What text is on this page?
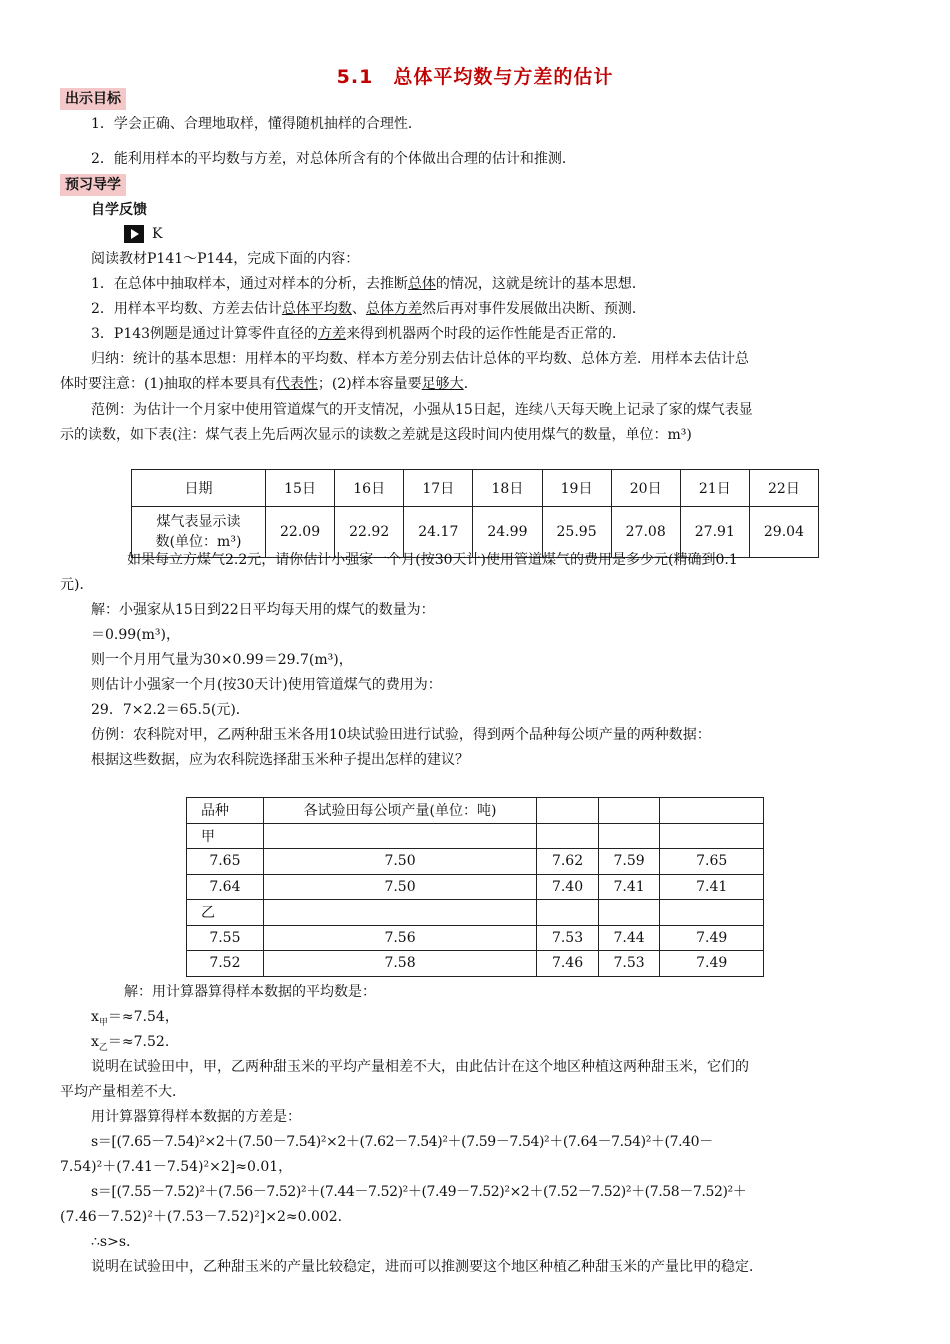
5.1　总体平均数与方差的估计
出示目标
1．学会正确、合理地取样，懂得随机抽样的合理性．
2．能利用样本的平均数与方差，对总体所含有的个体做出合理的估计和推测．
预习导学
自学反馈
K
阅读教材P141～P144，完成下面的内容：
1．在总体中抽取样本，通过对样本的分析，去推断总体的情况，这就是统计的基本思想．
2．用样本平均数、方差去估计总体平均数、总体方差然后再对事件发展做出决断、预测．
3．P143例题是通过计算零件直径的方差来得到机器两个时段的运作性能是否正常的．
归纳：统计的基本思想：用样本的平均数、样本方差分别去估计总体的平均数、总体方差．用样本去估计总
体时要注意：(1)抽取的样本要具有代表性；(2)样本容量要足够大．
范例：为估计一个月家中使用管道煤气的开支情况，小强从15日起，连续八天每天晚上记录了家的煤气表显
示的读数，如下表(注：煤气表上先后两次显示的读数之差就是这段时间内使用煤气的数量，单位：m³)
日期	15日	16日	17日	18日	19日	20日	21日	22日
煤气表显示读
数(单位：m³)	22.09	22.92	24.17	24.99	25.95	27.08	27.91	29.04
如果每立方煤气2.2元，请你估计小强家一个月(按30天计)使用管道煤气的费用是多少元(精确到0.1
元)．
解：小强家从15日到22日平均每天用的煤气的数量为：
＝0.99(m³)，
则一个月用气量为30×0.99＝29.7(m³)，
则估计小强家一个月(按30天计)使用管道煤气的费用为：
29．7×2.2＝65.5(元)．
仿例：农科院对甲，乙两种甜玉米各用10块试验田进行试验，得到两个品种每公顷产量的两种数据：
根据这些数据，应为农科院选择甜玉米种子提出怎样的建议？
品种	各试验田每公顷产量(单位：吨)			
甲				
7.65	7.50	7.62	7.59	7.65
7.64	7.50	7.40	7.41	7.41
乙				
7.55	7.56	7.53	7.44	7.49
7.52	7.58	7.46	7.53	7.49
解：用计算器算得样本数据的平均数是：
$x_甲=\approx 7.54$，
$x_乙=\approx 7.52$.
说明在试验田中，甲，乙两种甜玉米的平均产量相差不大，由此估计在这个地区种植这两种甜玉米，它们的
平均产量相差不大．
用计算器算得样本数据的方差是：
s＝[(7.65－7.54)²×2＋(7.50－7.54)²×2＋(7.62－7.54)²＋(7.59－7.54)²＋(7.64－7.54)²＋(7.40－
7.54)²＋(7.41－7.54)²×2]≈0.01，
s＝[(7.55－7.52)²＋(7.56－7.52)²＋(7.44－7.52)²＋(7.49－7.52)²×2＋(7.52－7.52)²＋(7.58－7.52)²＋
(7.46－7.52)²＋(7.53－7.52)²]×2≈0.002.
∴s>s.
说明在试验田中，乙种甜玉米的产量比较稳定，进而可以推测要这个地区种植乙种甜玉米的产量比甲的稳定．
